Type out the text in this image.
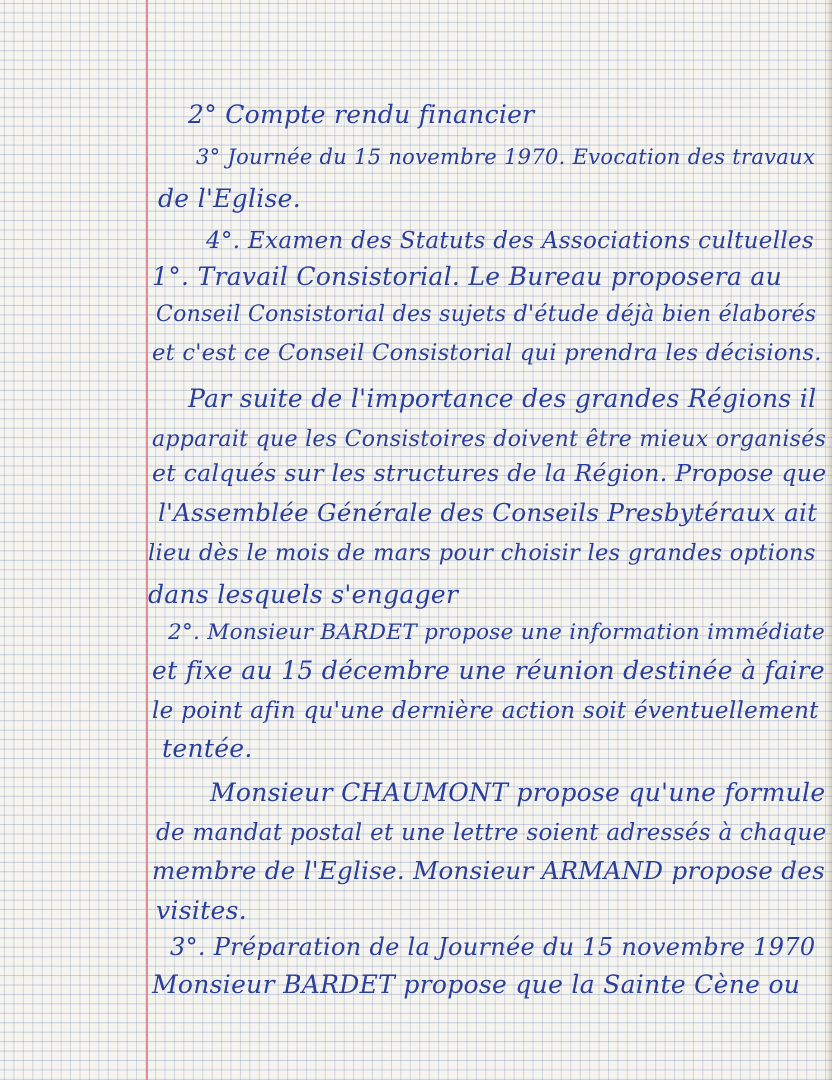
2° Compte rendu financier

3° Journée du 15 novembre 1970. Evocation des travaux

de l'Eglise.

4°. Examen des Statuts des Associations cultuelles

1°. Travail Consistorial. Le Bureau proposera au

Conseil Consistorial des sujets d'étude déjà bien élaborés

et c'est ce Conseil Consistorial qui prendra les décisions.

Par suite de l'importance des grandes Régions il

apparait que les Consistoires doivent être mieux organisés

et calqués sur les structures de la Région. Propose que

l'Assemblée Générale des Conseils Presbytéraux ait

lieu dès le mois de mars pour choisir les grandes options

dans lesquels s'engager

2°. Monsieur BARDET propose une information immédiate

et fixe au 15 décembre une réunion destinée à faire

le point afin qu'une dernière action soit éventuellement

tentée.

Monsieur CHAUMONT propose qu'une formule

de mandat postal et une lettre soient adressés à chaque

membre de l'Eglise. Monsieur ARMAND propose des

visites.

3°. Préparation de la Journée du 15 novembre 1970

Monsieur BARDET propose que la Sainte Cène ou
